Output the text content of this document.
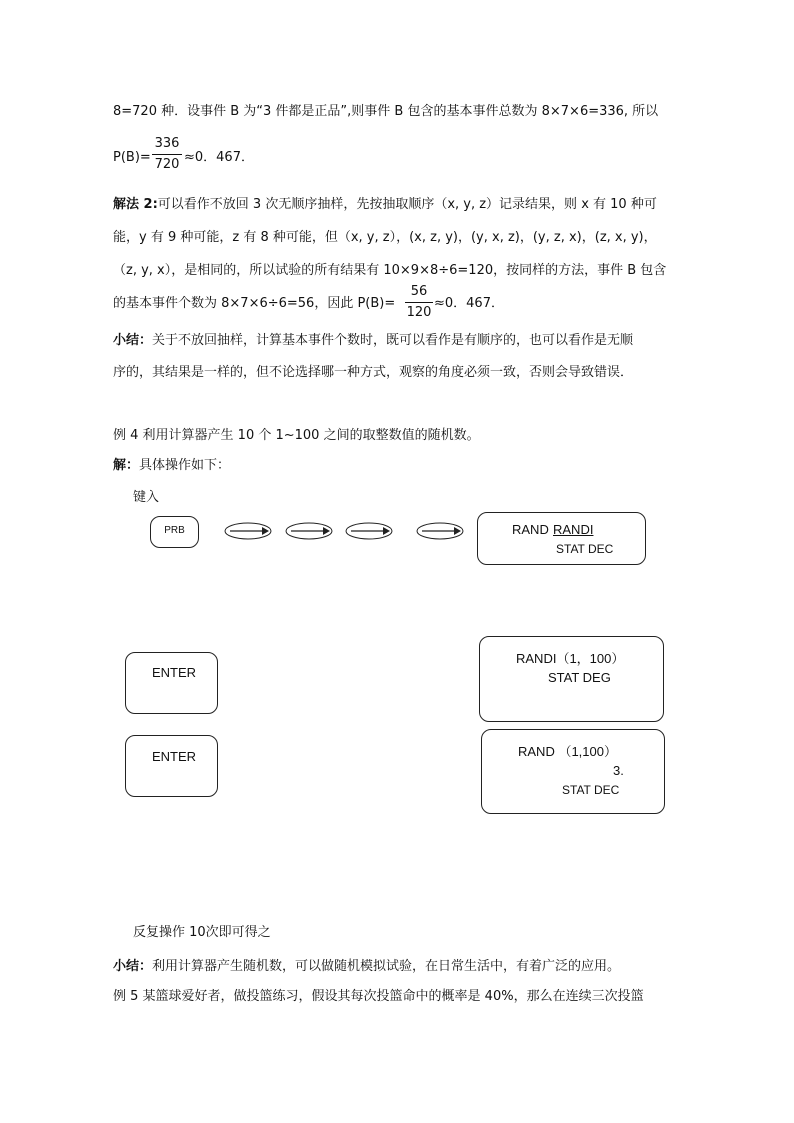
8=720 种．设事件 B 为“3 件都是正品”,则事件 B 包含的基本事件总数为 8×7×6=336, 所以
P(B)=
336
720 ≈0．467．
解法 2:可以看作不放回 3 次无顺序抽样，先按抽取顺序（x, y, z）记录结果，则 x 有 10 种可
能，y 有 9 种可能，z 有 8 种可能，但（x, y, z），(x, z, y)，(y, x, z)，(y, z, x)，(z, x, y)，
（z, y, x），是相同的，所以试验的所有结果有 10×9×8÷6=120，按同样的方法，事件 B 包含
的基本事件个数为 8×7×6÷6=56，因此 P(B)=
56
120
≈0．467．
小结：关于不放回抽样，计算基本事件个数时，既可以看作是有顺序的，也可以看作是无顺
序的，其结果是一样的，但不论选择哪一种方式，观察的角度必须一致，否则会导致错误．
例 4 利用计算器产生 10 个 1~100 之间的取整数值的随机数。
解：具体操作如下：
键入
PRB	RAND RANDI
STAT DEC
ENTER
RANDI（1，100）
STAT DEG
ENTER	RAND （1,100）
3.
STAT DEC
反复操作 10次即可得之
小结：利用计算器产生随机数，可以做随机模拟试验，在日常生活中，有着广泛的应用。
例 5 某篮球爱好者，做投篮练习，假设其每次投篮命中的概率是 40%，那么在连续三次投篮
